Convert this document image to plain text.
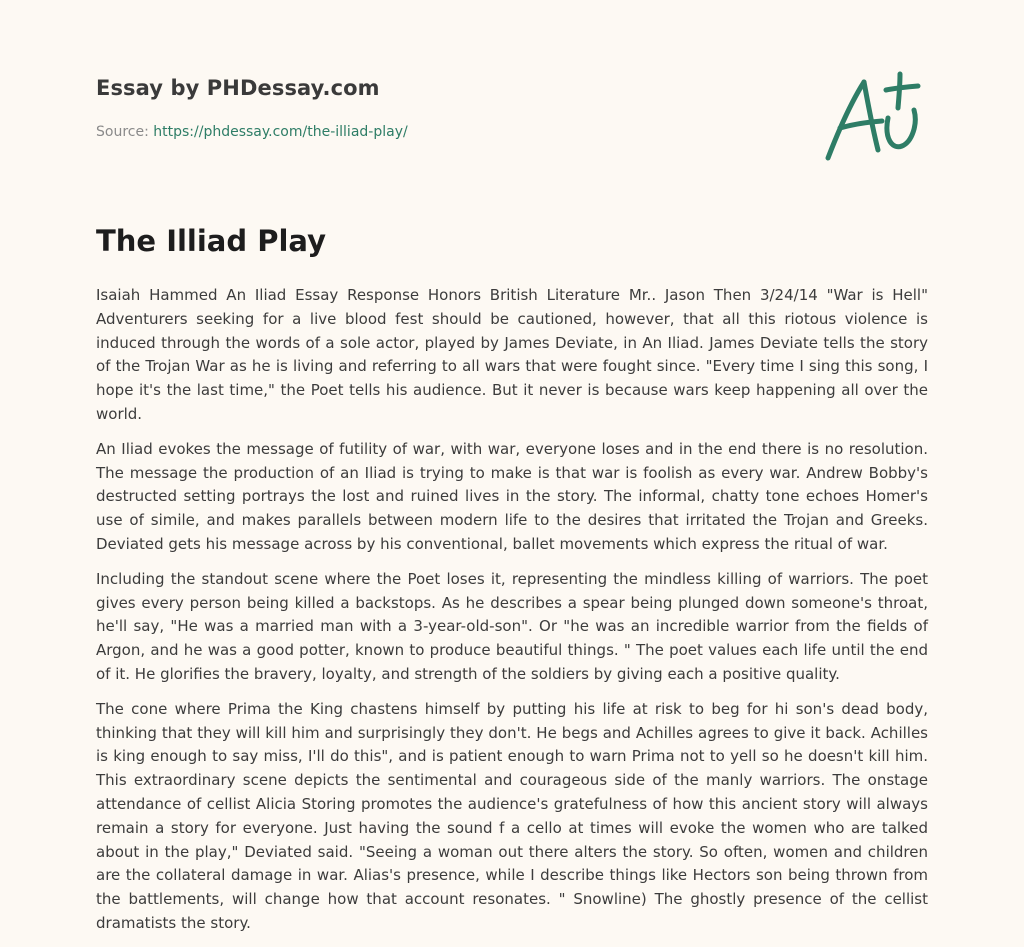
Essay by PHDessay.com
Source: https://phdessay.com/the-illiad-play/
The Illiad Play

Isaiah Hammed An Iliad Essay Response Honors British Literature Mr.. Jason Then 3/24/14 "War is Hell" Adventurers seeking for a live blood fest should be cautioned, however, that all this riotous violence is induced through the words of a sole actor, played by James Deviate, in An Iliad. James Deviate tells the story of the Trojan War as he is living and referring to all wars that were fought since. "Every time I sing this song, I hope it's the last time," the Poet tells his audience. But it never is because wars keep happening all over the world.

An Iliad evokes the message of futility of war, with war, everyone loses and in the end there is no resolution. The message the production of an Iliad is trying to make is that war is foolish as every war. Andrew Bobby's destructed setting portrays the lost and ruined lives in the story. The informal, chatty tone echoes Homer's use of simile, and makes parallels between modern life to the desires that irritated the Trojan and Greeks. Deviated gets his message across by his conventional, ballet movements which express the ritual of war.

Including the standout scene where the Poet loses it, representing the mindless killing of warriors. The poet gives every person being killed a backstops. As he describes a spear being plunged down someone's throat, he'll say, "He was a married man with a 3-year-old-son". Or "he was an incredible warrior from the fields of Argon, and he was a good potter, known to produce beautiful things. " The poet values each life until the end of it. He glorifies the bravery, loyalty, and strength of the soldiers by giving each a positive quality.

The cone where Prima the King chastens himself by putting his life at risk to beg for hi son's dead body, thinking that they will kill him and surprisingly they don't. He begs and Achilles agrees to give it back. Achilles is king enough to say miss, I'll do this", and is patient enough to warn Prima not to yell so he doesn't kill him. This extraordinary scene depicts the sentimental and courageous side of the manly warriors. The onstage attendance of cellist Alicia Storing promotes the audience's gratefulness of how this ancient story will always remain a story for everyone. Just having the sound f a cello at times will evoke the women who are talked about in the play," Deviated said. "Seeing a woman out there alters the story. So often, women and children are the collateral damage in war. Alias's presence, while I describe things like Hectors son being thrown from the battlements, will change how that account resonates. " Snowline) The ghostly presence of the cellist dramatists the story.
